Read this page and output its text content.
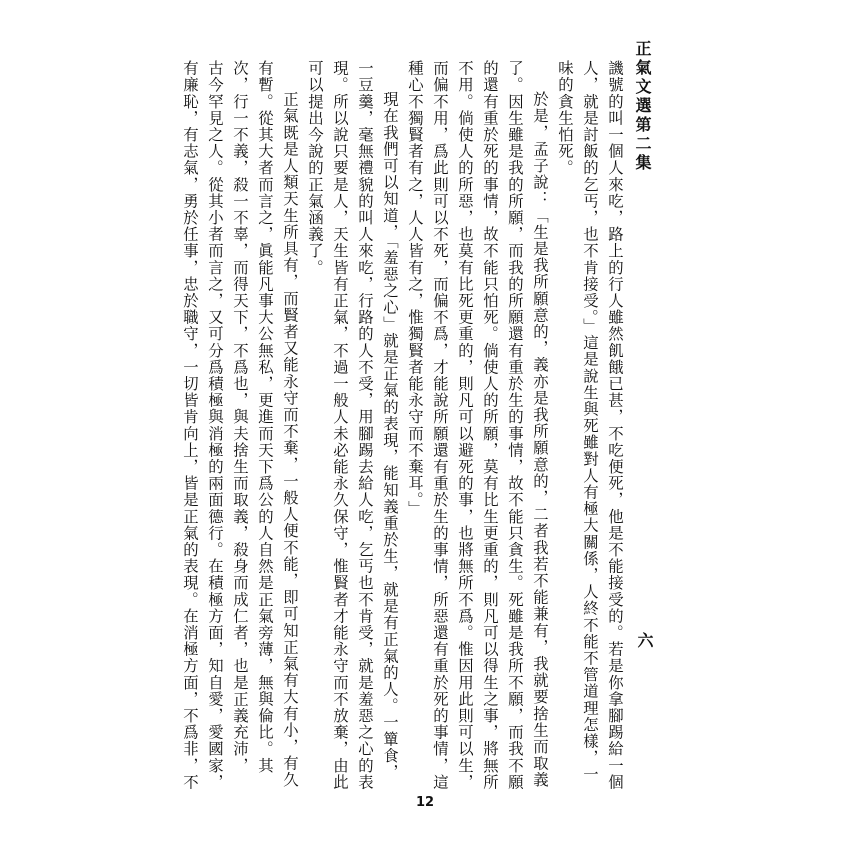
正氣文選第二集
六
譏號的叫一個人來吃，路上的行人雖然飢餓已甚，不吃便死，他是不能接受的。若是你拿腳踢給一個
人，就是討飯的乞丐，也不肯接受。」這是說生與死雖對人有極大關係，人終不能不管道理怎樣，一
味的貪生怕死。
於是，孟子說：「生是我所願意的，義亦是我所願意的，二者我若不能兼有，我就要捨生而取義
了。因生雖是我的所願，而我的所願還有重於生的事情，故不能只貪生。死雖是我所不願，而我不願
的還有重於死的事情，故不能只怕死。倘使人的所願，莫有比生更重的，則凡可以得生之事，將無所
不用。倘使人的所惡，也莫有比死更重的，則凡可以避死的事，也將無所不爲。惟因用此則可以生，
而偏不用，爲此則可以不死，而偏不爲，才能說所願還有重於生的事情，所惡還有重於死的事情，這
種心不獨賢者有之，人人皆有之，惟獨賢者能永守而不棄耳。」
現在我們可以知道，「羞惡之心」就是正氣的表現，能知義重於生，就是有正氣的人。一簞食，
一豆羹，毫無禮貌的叫人來吃，行路的人不受，用腳踢去給人吃，乞丐也不肯受，就是羞惡之心的表
現。所以說只要是人，天生皆有正氣，不過一般人未必能永久保守，惟賢者才能永守而不放棄，由此
可以提出今說的正氣涵義了。
正氣既是人類天生所具有，而賢者又能永守而不棄，一般人便不能，即可知正氣有大有小，有久
有暫。從其大者而言之，眞能凡事大公無私，更進而天下爲公的人自然是正氣旁薄，無與倫比。其
次，行一不義，殺一不辜，而得天下，不爲也，與夫捨生而取義，殺身而成仁者，也是正義充沛，
古今罕見之人。從其小者而言之，又可分爲積極與消極的兩面德行。在積極方面，知自愛，愛國家，
有廉恥，有志氣，勇於任事，忠於職守，一切皆肯向上，皆是正氣的表現。在消極方面，不爲非，不
12
